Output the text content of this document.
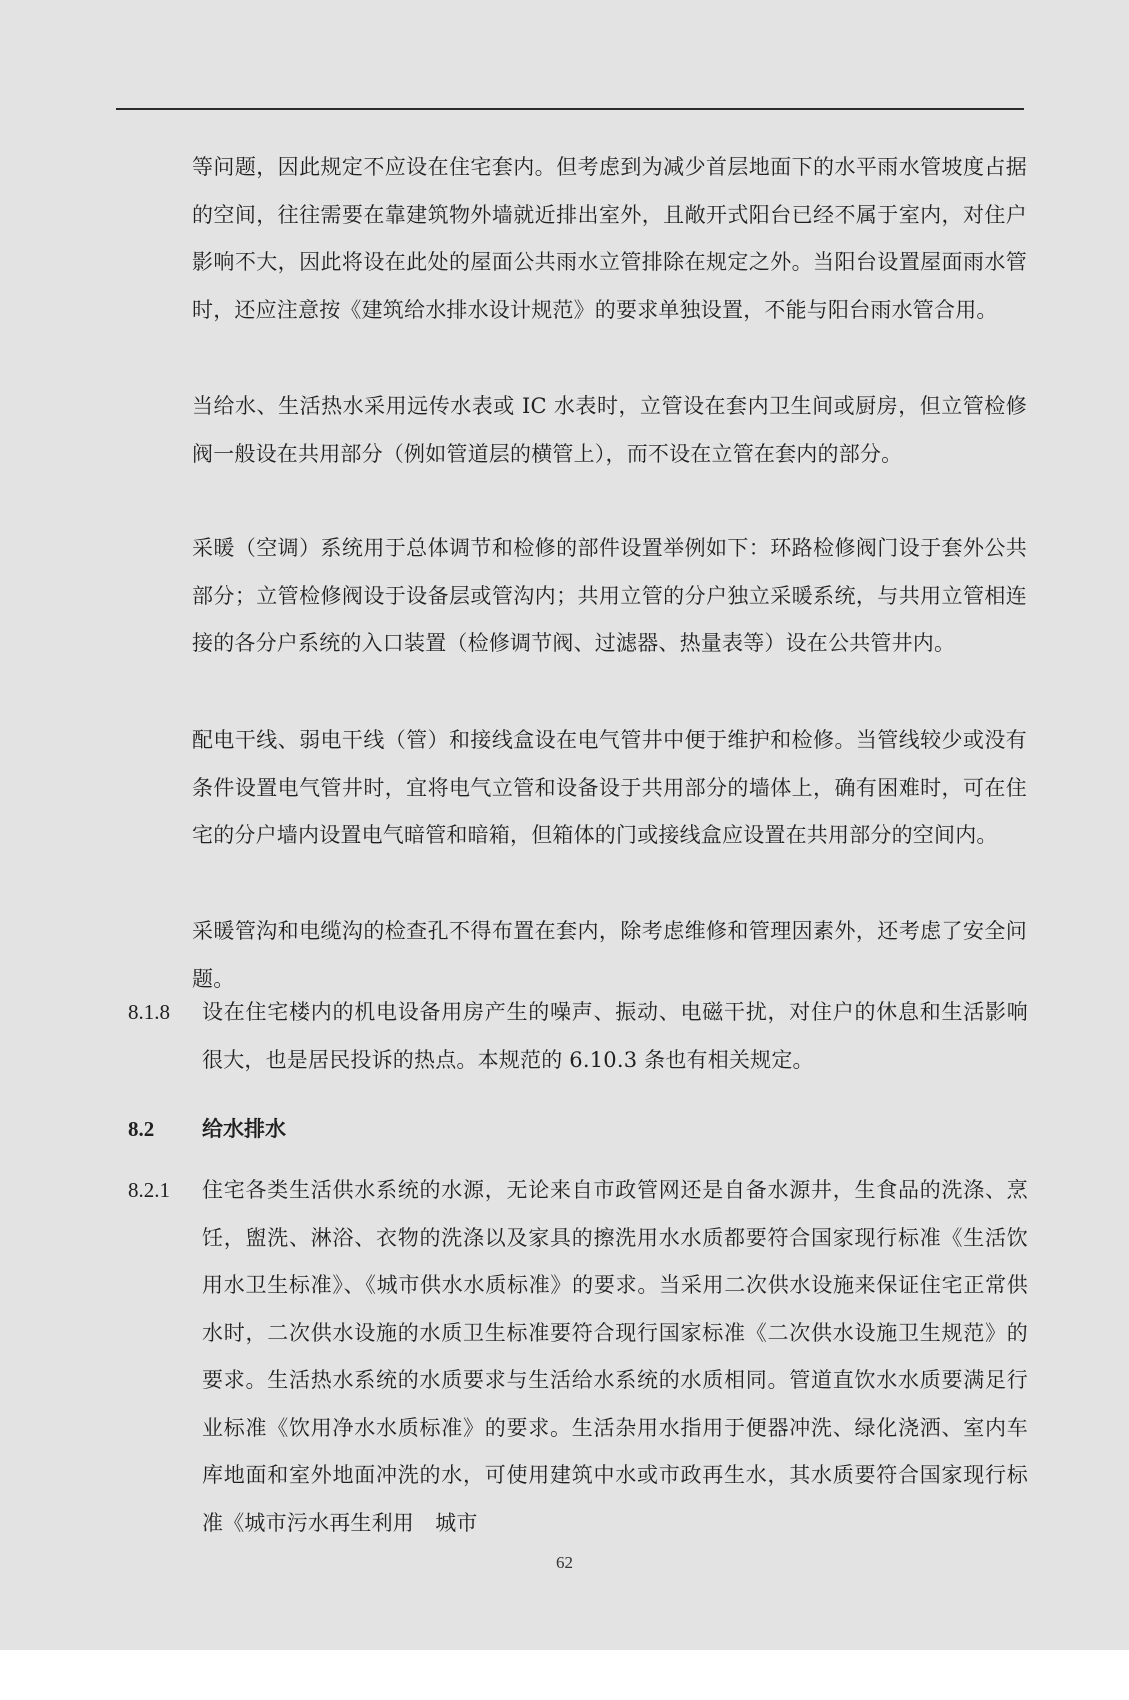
等问题，因此规定不应设在住宅套内。但考虑到为减少首层地面下的水平雨水管坡度占据的空间，往往需要在靠建筑物外墙就近排出室外，且敞开式阳台已经不属于室内，对住户影响不大，因此将设在此处的屋面公共雨水立管排除在规定之外。当阳台设置屋面雨水管时，还应注意按《建筑给水排水设计规范》的要求单独设置，不能与阳台雨水管合用。
当给水、生活热水采用远传水表或 IC 水表时，立管设在套内卫生间或厨房，但立管检修阀一般设在共用部分（例如管道层的横管上），而不设在立管在套内的部分。
采暖（空调）系统用于总体调节和检修的部件设置举例如下：环路检修阀门设于套外公共部分；立管检修阀设于设备层或管沟内；共用立管的分户独立采暖系统，与共用立管相连接的各分户系统的入口装置（检修调节阀、过滤器、热量表等）设在公共管井内。
配电干线、弱电干线（管）和接线盒设在电气管井中便于维护和检修。当管线较少或没有条件设置电气管井时，宜将电气立管和设备设于共用部分的墙体上，确有困难时，可在住宅的分户墙内设置电气暗管和暗箱，但箱体的门或接线盒应设置在共用部分的空间内。
采暖管沟和电缆沟的检查孔不得布置在套内，除考虑维修和管理因素外，还考虑了安全问题。
8.1.8	设在住宅楼内的机电设备用房产生的噪声、振动、电磁干扰，对住户的休息和生活影响很大，也是居民投诉的热点。本规范的 6.10.3 条也有相关规定。
8.2 给水排水
8.2.1	住宅各类生活供水系统的水源，无论来自市政管网还是自备水源井，生食品的洗涤、烹饪，盥洗、淋浴、衣物的洗涤以及家具的擦洗用水水质都要符合国家现行标准《生活饮用水卫生标准》、《城市供水水质标准》的要求。当采用二次供水设施来保证住宅正常供水时，二次供水设施的水质卫生标准要符合现行国家标准《二次供水设施卫生规范》的要求。生活热水系统的水质要求与生活给水系统的水质相同。管道直饮水水质要满足行业标准《饮用净水水质标准》的要求。生活杂用水指用于便器冲洗、绿化浇洒、室内车库地面和室外地面冲洗的水，可使用建筑中水或市政再生水，其水质要符合国家现行标准《城市污水再生利用　城市
62
